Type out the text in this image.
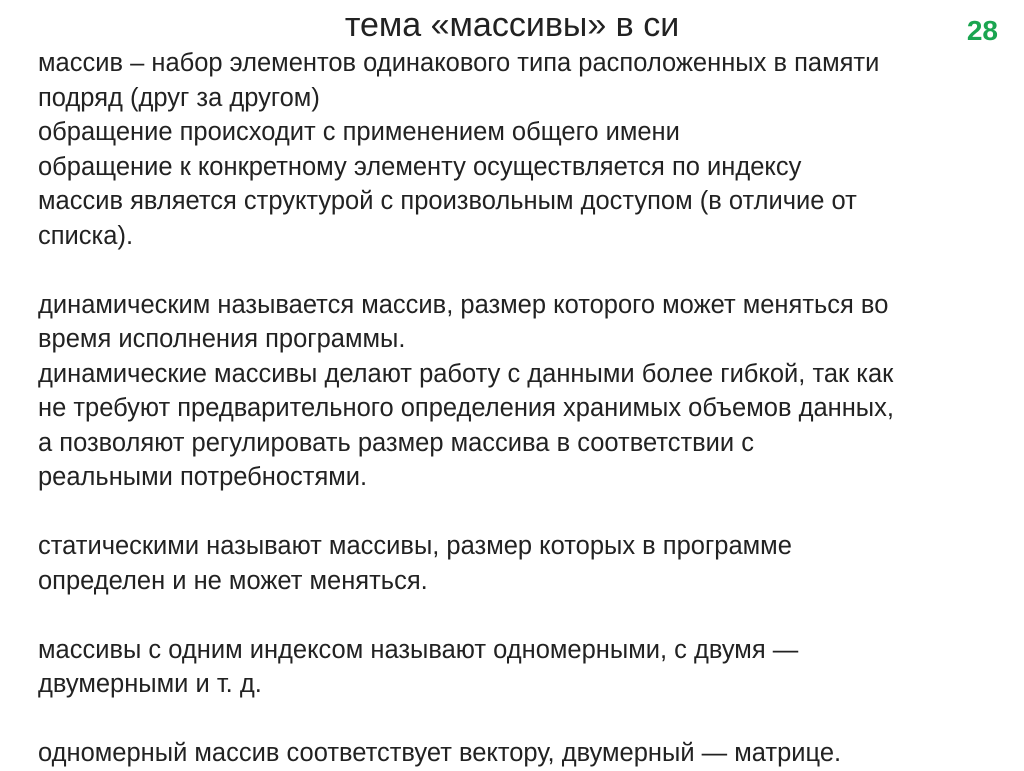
тема «массивы» в си	28
массив – набор элементов одинакового типа расположенных в памяти
подряд (друг за другом)
обращение происходит с применением общего имени
обращение к конкретному элементу осуществляется по индексу
массив является структурой с произвольным доступом (в отличие от
списка).
динамическим называется массив, размер которого может меняться во
время исполнения программы.
динамические массивы делают работу с данными более гибкой, так как
не требуют предварительного определения хранимых объемов данных,
а позволяют регулировать размер массива в соответствии с
реальными потребностями.
статическими называют массивы, размер которых в программе
определен и не может меняться.
массивы с одним индексом называют одномерными, с двумя —
двумерными и т. д.
одномерный массив соответствует вектору, двумерный — матрице.
